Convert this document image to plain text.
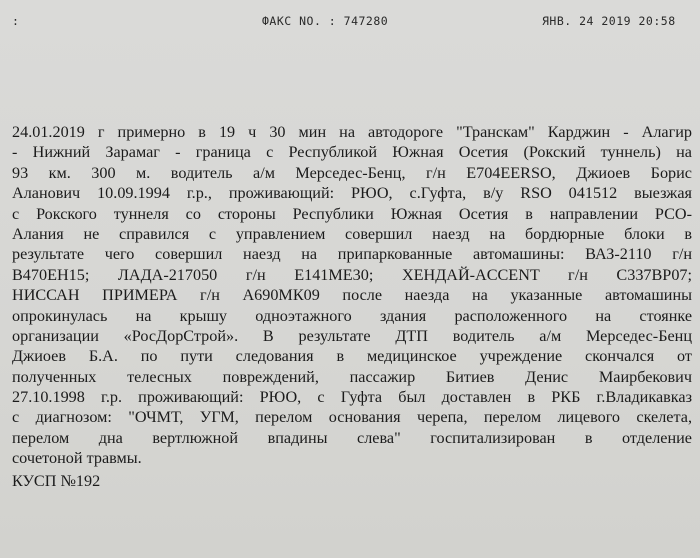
:	ФАКС NO. : 747280	ЯНВ. 24 2019 20:58
24.01.2019 г примерно в 19 ч 30 мин на автодороге "Транскам" Карджин - Алагир
- Нижний Зарамаг - граница с Республикой Южная Осетия (Рокский туннель) на
93 км. 300 м. водитель а/м Мерседес-Бенц, г/н Е704ЕЕRSO, Джиоев Борис
Аланович 10.09.1994 г.р., проживающий: РЮО, с.Гуфта, в/у RSO 041512 выезжая
с Рокского туннеля со стороны Республики Южная Осетия в направлении РСО-
Алания не справился с управлением совершил наезд на бордюрные блоки в
результате чего совершил наезд на припаркованные автомашины: ВАЗ-2110 г/н
В470ЕН15; ЛАДА-217050 г/н Е141МЕ30; ХЕНДАЙ-ACCENT г/н С337ВР07;
НИССАН ПРИМЕРА г/н А690МК09 после наезда на указанные автомашины
опрокинулась на крышу одноэтажного здания расположенного на стоянке
организации «РосДорСтрой». В результате ДТП водитель а/м Мерседес-Бенц
Джиоев Б.А. по пути следования в медицинское учреждение скончался от
полученных телесных повреждений, пассажир Битиев Денис Маирбекович
27.10.1998 г.р. проживающий: РЮО, с Гуфта был доставлен в РКБ г.Владикавказ
с диагнозом: "ОЧМТ, УГМ, перелом основания черепа, перелом лицевого скелета,
перелом дна вертлюжной впадины слева" госпитализирован в отделение
сочетоной травмы.
КУСП №192
